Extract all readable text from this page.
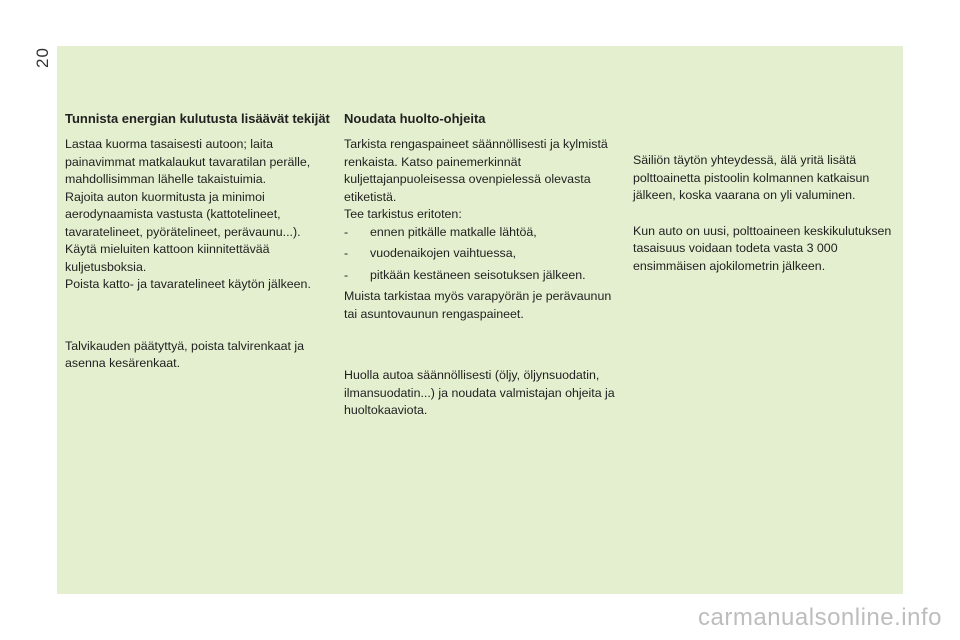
20
Tunnista energian kulutusta lisäävät tekijät

Lastaa kuorma tasaisesti autoon; laita painavimmat matkalaukut tavaratilan perälle, mahdollisimman lähelle takaistuimia.

Rajoita auton kuormitusta ja minimoi aerodynaamista vastusta (kattotelineet, tavaratelineet, pyörätelineet, perävaunu...).

Käytä mieluiten kattoon kiinnitettävää kuljetusboksia.

Poista katto- ja tavaratelineet käytön jälkeen.

Talvikauden päätyttyä, poista talvirenkaat ja asenna kesärenkaat.

Noudata huolto-ohjeita

Tarkista rengaspaineet säännöllisesti ja kylmistä renkaista. Katso painemerkinnät kuljettajanpuoleisessa ovenpielessä olevasta etiketistä.

Tee tarkistus eritoten:

- ennen pitkälle matkalle lähtöä,
- vuodenaikojen vaihtuessa,
- pitkään kestäneen seisotuksen jälkeen.

Muista tarkistaa myös varapyörän je perävaunun tai asuntovaunun rengaspaineet.

Huolla autoa säännöllisesti (öljy, öljynsuodatin, ilmansuodatin...) ja noudata valmistajan ohjeita ja huoltokaaviota.

Säiliön täytön yhteydessä, älä yritä lisätä polttoainetta pistoolin kolmannen katkaisun jälkeen, koska vaarana on yli valuminen.

Kun auto on uusi, polttoaineen keskikulutuksen tasaisuus voidaan todeta vasta 3 000 ensimmäisen ajokilometrin jälkeen.

carmanualsonline.info
